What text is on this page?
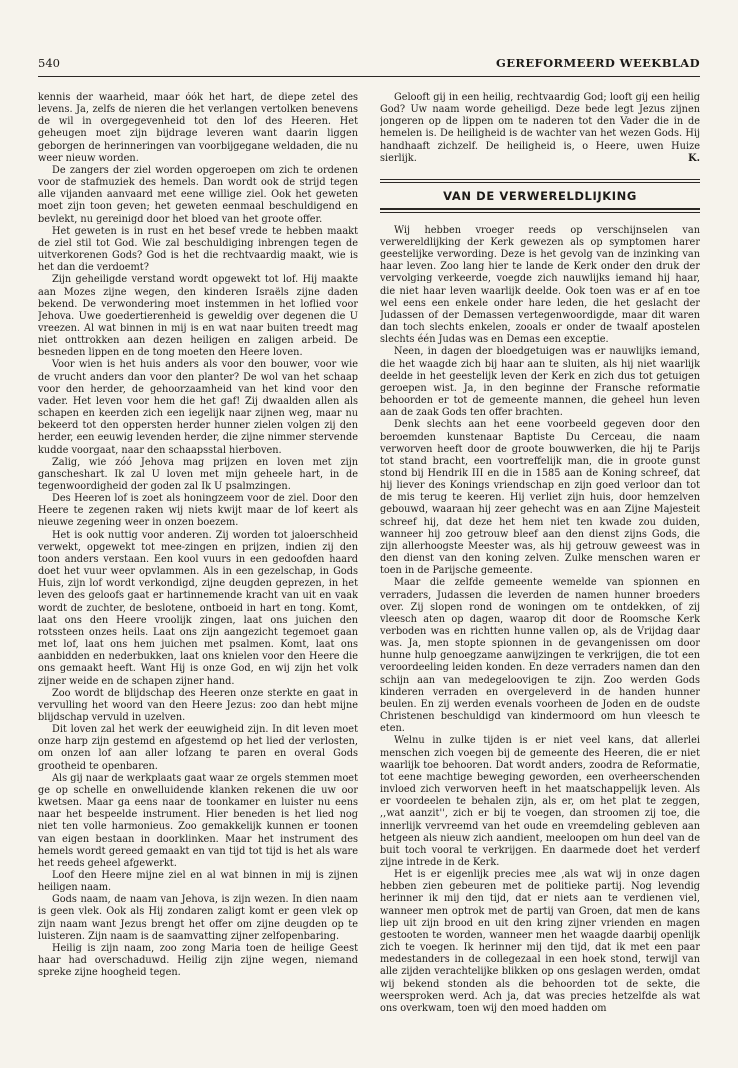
540	GEREFORMEERD WEEKBLAD

kennis der waarheid, maar óók het hart, de diepe zetel des levens. Ja, zelfs de nieren die het verlangen vertolken benevens de wil in overgegevenheid tot den lof des Heeren. Het geheugen moet zijn bijdrage leveren want daarin liggen geborgen de herinneringen van voorbijgegane weldaden, die nu weer nieuw worden.

De zangers der ziel worden opgeroepen om zich te ordenen voor de stafmuziek des hemels. Dan wordt ook de strijd tegen alle vijanden aanvaard met eene willige ziel. Ook het geweten moet zijn toon geven; het geweten eenmaal beschuldigend en bevlekt, nu gereinigd door het bloed van het groote offer.

Het geweten is in rust en het besef vrede te hebben maakt de ziel stil tot God. Wie zal beschuldiging inbrengen tegen de uitverkorenen Gods? God is het die rechtvaardig maakt, wie is het dan die verdoemt?

Zijn geheiligde verstand wordt opgewekt tot lof. Hij maakte aan Mozes zijne wegen, den kinderen Israëls zijne daden bekend. De verwondering moet instemmen in het loflied voor Jehova. Uwe goedertierenheid is geweldig over degenen die U vreezen. Al wat binnen in mij is en wat naar buiten treedt mag niet onttrokken aan dezen heiligen en zaligen arbeid. De besneden lippen en de tong moeten den Heere loven.

Voor wien is het huis anders als voor den bouwer, voor wie de vrucht anders dan voor den planter? De wol van het schaap voor den herder, de gehoorzaamheid van het kind voor den vader. Het leven voor hem die het gaf! Zij dwaalden allen als schapen en keerden zich een iegelijk naar zijnen weg, maar nu bekeerd tot den oppersten herder hunner zielen volgen zij den herder, een eeuwig levenden herder, die zijne nimmer stervende kudde voorgaat, naar den schaapsstal hierboven.

Zalig, wie zóó Jehova mag prijzen en loven met zijn ganscheshart. Ik zal U loven met mijn geheele hart, in de tegenwoordigheid der goden zal Ik U psalmzingen.

Des Heeren lof is zoet als honingzeem voor de ziel. Door den Heere te zegenen raken wij niets kwijt maar de lof keert als nieuwe zegening weer in onzen boezem.

Het is ook nuttig voor anderen. Zij worden tot jaloerschheid verwekt, opgewekt tot mee-zingen en prijzen, indien zij den toon anders verstaan. Een kool vuurs in een gedoofden haard doet het vuur weer opvlammen. Als in een gezelschap, in Gods Huis, zijn lof wordt verkondigd, zijne deugden geprezen, in het leven des geloofs gaat er hartinnemende kracht van uit en vaak wordt de zuchter, de beslotene, ontboeid in hart en tong. Komt, laat ons den Heere vroolijk zingen, laat ons juichen den rotssteen onzes heils. Laat ons zijn aangezicht tegemoet gaan met lof, laat ons hem juichen met psalmen. Komt, laat ons aanbidden en nederbukken, laat ons knielen voor den Heere die ons gemaakt heeft. Want Hij is onze God, en wij zijn het volk zijner weide en de schapen zijner hand.

Zoo wordt de blijdschap des Heeren onze sterkte en gaat in vervulling het woord van den Heere Jezus: zoo dan hebt mijne blijdschap vervuld in uzelven.

Dit loven zal het werk der eeuwigheid zijn. In dit leven moet onze harp zijn gestemd en afgestemd op het lied der verlosten, om onzen lof aan aller lofzang te paren en overal Gods grootheid te openbaren.

Als gij naar de werkplaats gaat waar ze orgels stemmen moet ge op schelle en onwelluidende klanken rekenen die uw oor kwetsen. Maar ga eens naar de toonkamer en luister nu eens naar het bespeelde instrument. Hier beneden is het lied nog niet ten volle harmonieus. Zoo gemakkelijk kunnen er toonen van eigen bestaan in doorklinken. Maar het instrument des hemels wordt gereed gemaakt en van tijd tot tijd is het als ware het reeds geheel afgewerkt.

Loof den Heere mijne ziel en al wat binnen in mij is zijnen heiligen naam.

Gods naam, de naam van Jehova, is zijn wezen. In dien naam is geen vlek. Ook als Hij zondaren zaligt komt er geen vlek op zijn naam want Jezus brengt het offer om zijne deugden op te luisteren. Zijn naam is de saamvatting zijner zelfopenbaring.

Heilig is zijn naam, zoo zong Maria toen de heilige Geest haar had overschaduwd. Heilig zijn zijne wegen, niemand spreke zijne hoogheid tegen.

Gelooft gij in een heilig, rechtvaardig God; looft gij een heilig God? Uw naam worde geheiligd. Deze bede legt Jezus zijnen jongeren op de lippen om te naderen tot den Vader die in de hemelen is. De heiligheid is de wachter van het wezen Gods. Hij handhaaft zichzelf. De heiligheid is, o Heere, uwen Huize sierlijk.	K.

VAN DE VERWERELDLIJKING

Wij hebben vroeger reeds op verschijnselen van verwereldlijking der Kerk gewezen als op symptomen harer geestelijke verwording. Deze is het gevolg van de inzinking van haar leven. Zoo lang hier te lande de Kerk onder den druk der vervolging verkeerde, voegde zich nauwlijks iemand hij haar, die niet haar leven waarlijk deelde. Ook toen was er af en toe wel eens een enkele onder hare leden, die het geslacht der Judassen of der Demassen vertegenwoordigde, maar dit waren dan toch slechts enkelen, zooals er onder de twaalf apostelen slechts één Judas was en Demas een exceptie.

Neen, in dagen der bloedgetuigen was er nauwlijks iemand, die het waagde zich bij haar aan te sluiten, als hij niet waarlijk deelde in het geestelijk leven der Kerk en zich dus tot getuigen geroepen wist. Ja, in den beginne der Fransche reformatie behoorden er tot de gemeente mannen, die geheel hun leven aan de zaak Gods ten offer brachten.

Denk slechts aan het eene voorbeeld gegeven door den beroemden kunstenaar Baptiste Du Cerceau, die naam verworven heeft door de groote bouwwerken, die hij te Parijs tot stand bracht, een voortreffelijk man, die in groote gunst stond bij Hendrik III en die in 1585 aan de Koning schreef, dat hij liever des Konings vriendschap en zijn goed verloor dan tot de mis terug te keeren. Hij verliet zijn huis, door hemzelven gebouwd, waaraan hij zeer gehecht was en aan Zijne Majesteit schreef hij, dat deze het hem niet ten kwade zou duiden, wanneer hij zoo getrouw bleef aan den dienst zijns Gods, die zijn allerhoogste Meester was, als hij getrouw geweest was in den dienst van den koning zelven. Zulke menschen waren er toen in de Parijsche gemeente.

Maar die zelfde gemeente wemelde van spionnen en verraders, Judassen die leverden de namen hunner broeders over. Zij slopen rond de woningen om te ontdekken, of zij vleesch aten op dagen, waarop dit door de Roomsche Kerk verboden was en richtten hunne vallen op, als de Vrijdag daar was. Ja, men stopte spionnen in de gevangenissen om door hunne hulp genoegzame aanwijzingen te verkrijgen, die tot een veroordeeling leiden konden. En deze verraders namen dan den schijn aan van medegeloovigen te zijn. Zoo werden Gods kinderen verraden en overgeleverd in de handen hunner beulen. En zij werden evenals voorheen de Joden en de oudste Christenen beschuldigd van kindermoord om hun vleesch te eten.

Welnu in zulke tijden is er niet veel kans, dat allerlei menschen zich voegen bij de gemeente des Heeren, die er niet waarlijk toe behooren. Dat wordt anders, zoodra de Reformatie, tot eene machtige beweging geworden, een overheerschenden invloed zich verworven heeft in het maatschappelijk leven. Als er voordeelen te behalen zijn, als er, om het plat te zeggen, ,,wat aanzit'', zich er bij te voegen, dan stroomen zij toe, die innerlijk vervreemd van het oude en vreemdeling gebleven aan hetgeen als nieuw zich aandient, meeloopen om hun deel van de buit toch vooral te verkrijgen. En daarmede doet het verderf zijne intrede in de Kerk.

Het is er eigenlijk precies mee ,als wat wij in onze dagen hebben zien gebeuren met de politieke partij. Nog levendig herinner ik mij den tijd, dat er niets aan te verdienen viel, wanneer men optrok met de partij van Groen, dat men de kans liep uit zijn brood en uit den kring zijner vrienden en magen gestooten te worden, wanneer men het waagde daarbij openlijk zich te voegen. Ik herinner mij den tijd, dat ik met een paar medestanders in de collegezaal in een hoek stond, terwijl van alle zijden verachtelijke blikken op ons geslagen werden, omdat wij bekend stonden als die behoorden tot de sekte, die weersproken werd. Ach ja, dat was precies hetzelfde als wat ons overkwam, toen wij den moed hadden om
